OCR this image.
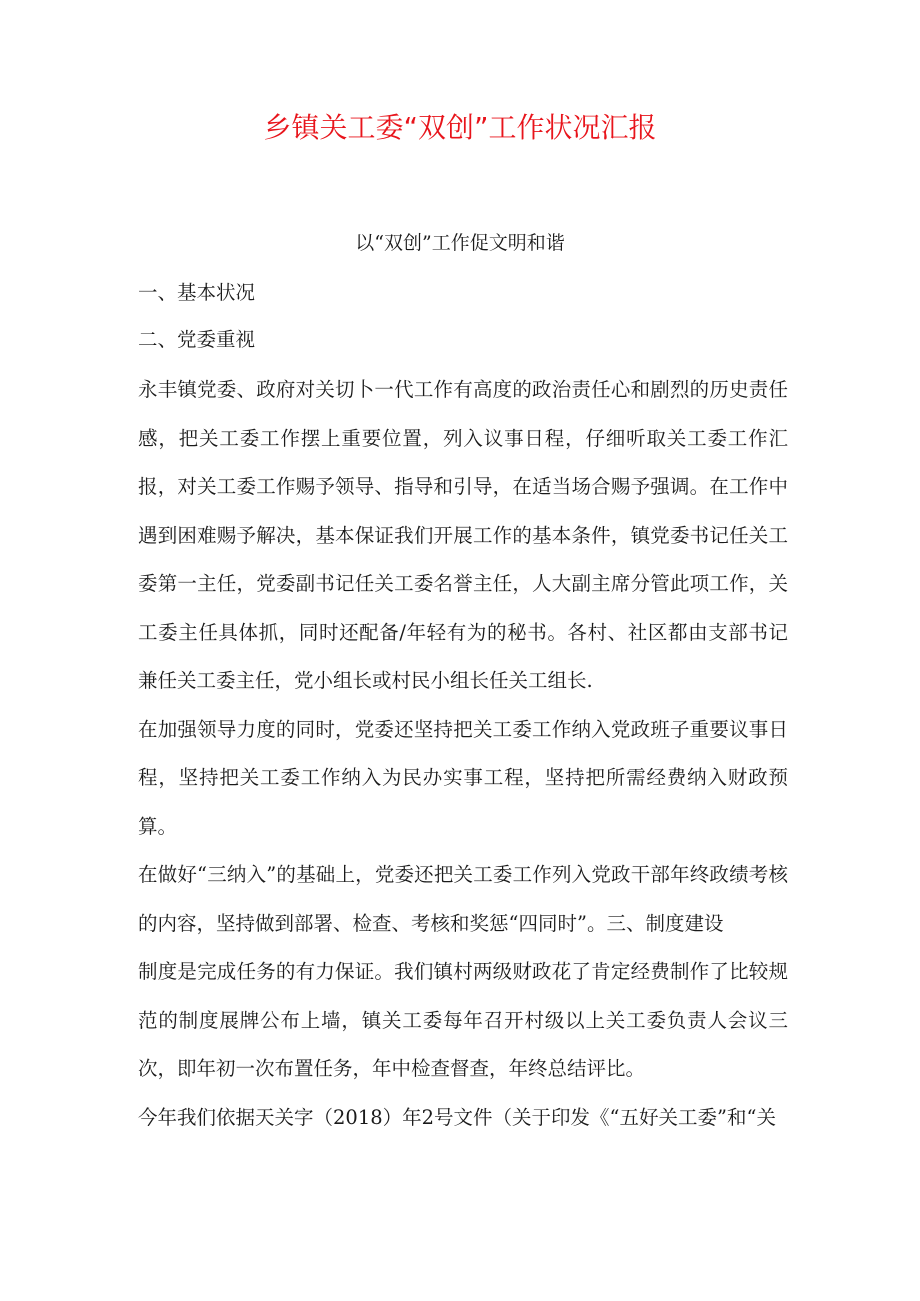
乡镇关工委“双创”工作状况汇报
以“双创”工作促文明和谐
一、基本状况
二、党委重视

永丰镇党委、政府对关切卜一代工作有高度的政治责任心和剧烈的历史责任感，把关工委工作摆上重要位置，列入议事日程，仔细听取关工委工作汇报，对关工委工作赐予领导、指导和引导，在适当场合赐予强调。在工作中遇到困难赐予解决，基本保证我们开展工作的基本条件，镇党委书记任关工委第一主任，党委副书记任关工委名誉主任，人大副主席分管此项工作，关工委主任具体抓，同时还配备/年轻有为的秘书。各村、社区都由支部书记兼任关工委主任，党小组长或村民小组长任关工组长.

在加强领导力度的同时，党委还坚持把关工委工作纳入党政班子重要议事日程，坚持把关工委工作纳入为民办实事工程，坚持把所需经费纳入财政预算。

在做好“三纳入”的基础上，党委还把关工委工作列入党政干部年终政绩考核的内容，坚持做到部署、检查、考核和奖惩“四同时”。三、制度建设

制度是完成任务的有力保证。我们镇村两级财政花了肯定经费制作了比较规范的制度展牌公布上墙，镇关工委每年召开村级以上关工委负责人会议三次，即年初一次布置任务，年中检查督查，年终总结评比。

今年我们依据天关字（2018）年2号文件（关于印发《“五好关工委”和“关
